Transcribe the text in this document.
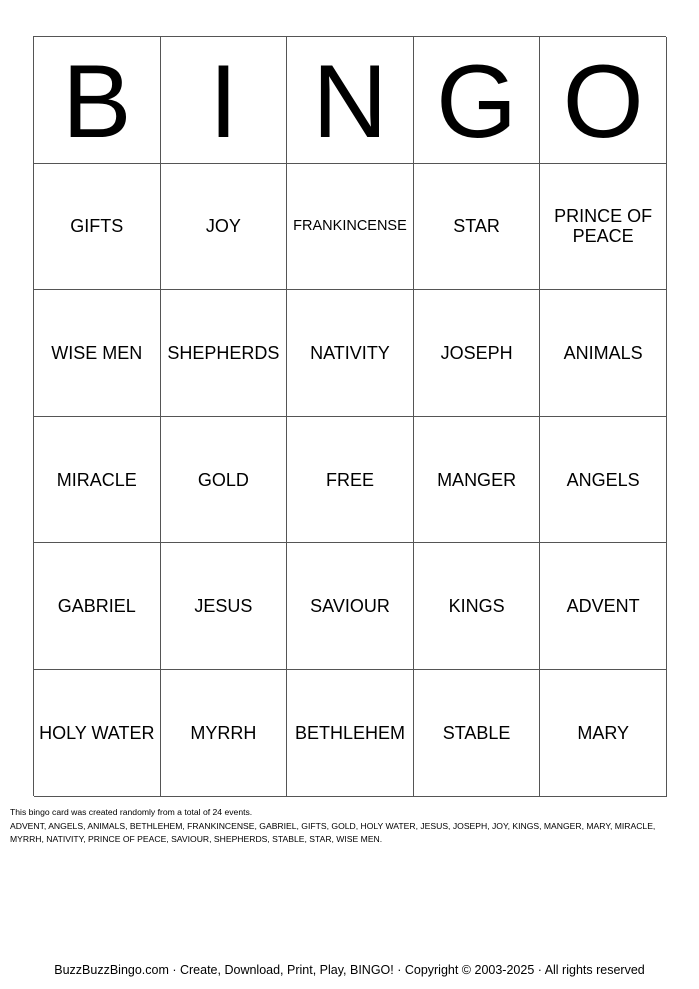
B I N G O
GIFTS	JOY	FRANKINCENSE	STAR	PRINCE OF PEACE
WISE MEN	SHEPHERDS	NATIVITY	JOSEPH	ANIMALS
MIRACLE	GOLD	FREE	MANGER	ANGELS
GABRIEL	JESUS	SAVIOUR	KINGS	ADVENT
HOLY WATER	MYRRH	BETHLEHEM	STABLE	MARY
This bingo card was created randomly from a total of 24 events.
ADVENT, ANGELS, ANIMALS, BETHLEHEM, FRANKINCENSE, GABRIEL, GIFTS, GOLD, HOLY WATER, JESUS, JOSEPH, JOY, KINGS, MANGER, MARY, MIRACLE, MYRRH, NATIVITY, PRINCE OF PEACE, SAVIOUR, SHEPHERDS, STABLE, STAR, WISE MEN.
BuzzBuzzBingo.com · Create, Download, Print, Play, BINGO! · Copyright © 2003-2025 · All rights reserved
